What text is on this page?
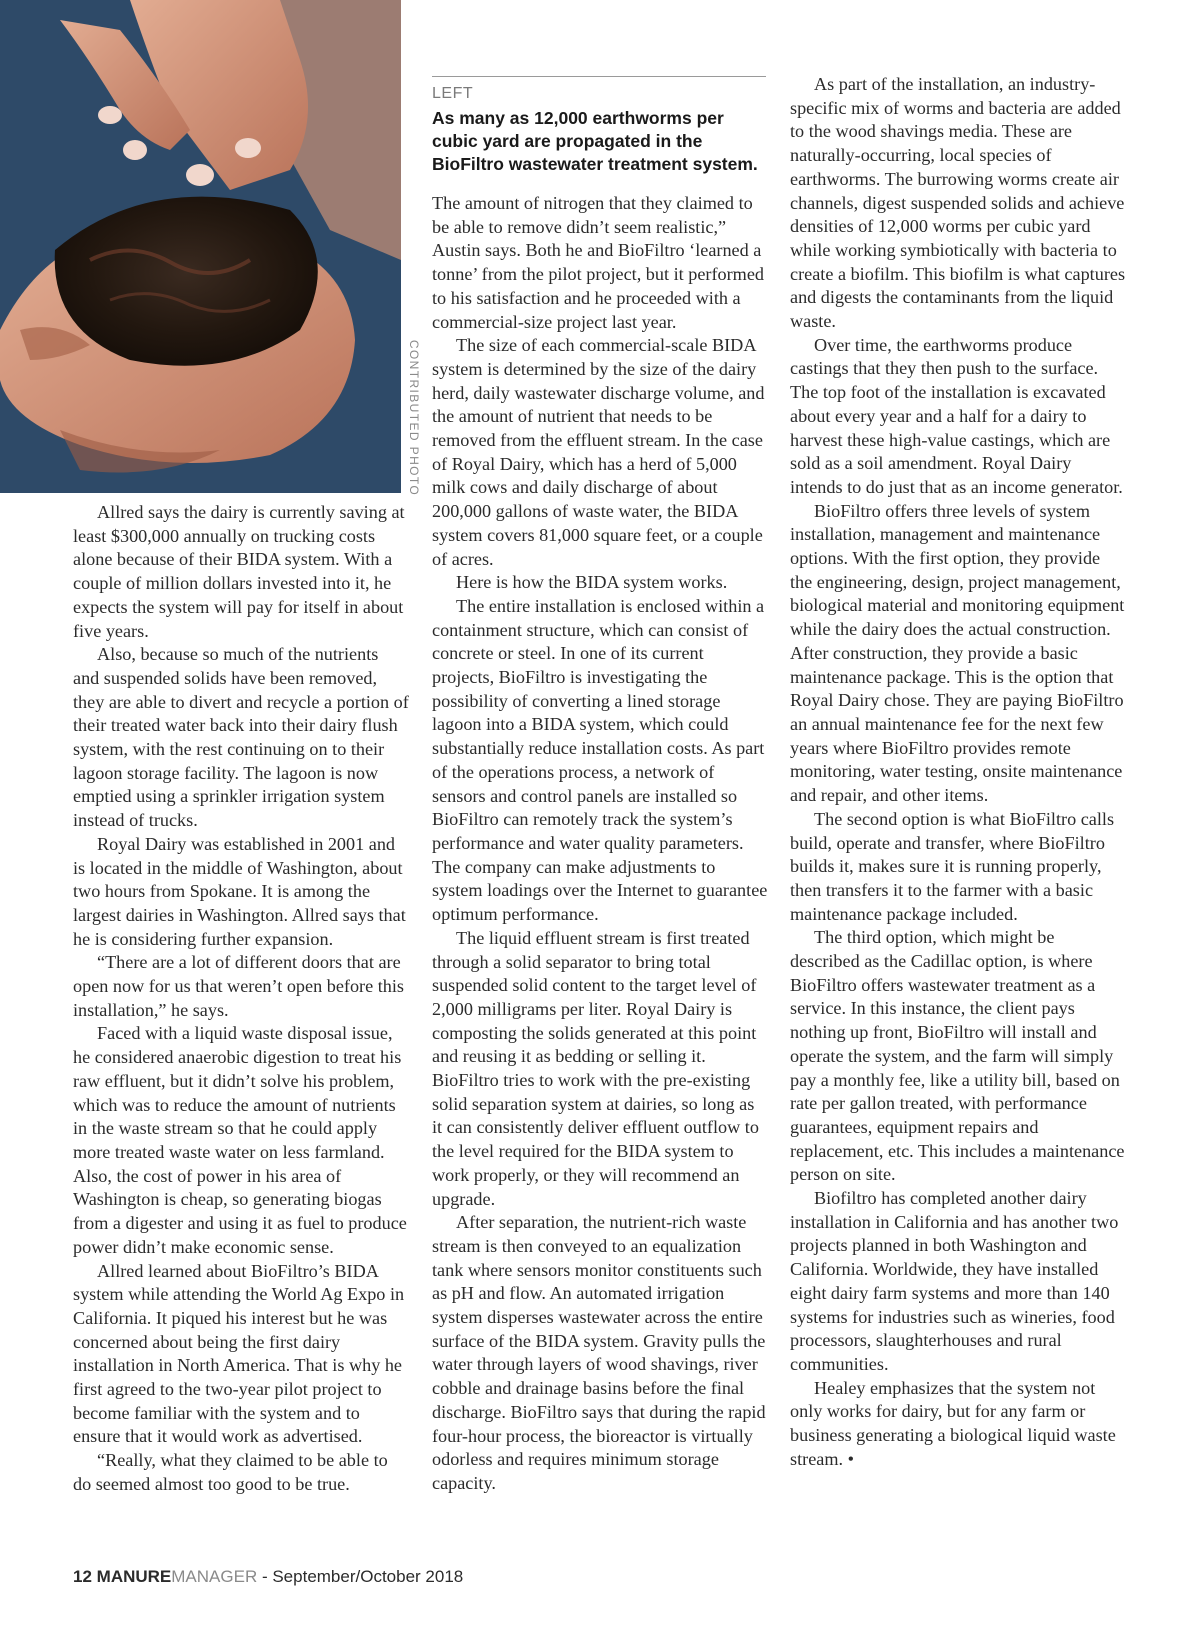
CONTRIBUTED PHOTO
LEFT
As many as 12,000 earthworms per cubic yard are propagated in the BioFiltro wastewater treatment system.

Allred says the dairy is currently saving at least $300,000 annually on trucking costs alone because of their BIDA system. With a couple of million dollars invested into it, he expects the system will pay for itself in about five years.

Also, because so much of the nutrients and suspended solids have been removed, they are able to divert and recycle a portion of their treated water back into their dairy flush system, with the rest continuing on to their lagoon storage facility. The lagoon is now emptied using a sprinkler irrigation system instead of trucks.

Royal Dairy was established in 2001 and is located in the middle of Washington, about two hours from Spokane. It is among the largest dairies in Washington. Allred says that he is considering further expansion.

“There are a lot of different doors that are open now for us that weren’t open before this installation,” he says.

Faced with a liquid waste disposal issue, he considered anaerobic digestion to treat his raw effluent, but it didn’t solve his problem, which was to reduce the amount of nutrients in the waste stream so that he could apply more treated waste water on less farmland. Also, the cost of power in his area of Washington is cheap, so generating biogas from a digester and using it as fuel to produce power didn’t make economic sense.

Allred learned about BioFiltro’s BIDA system while attending the World Ag Expo in California. It piqued his interest but he was concerned about being the first dairy installation in North America. That is why he first agreed to the two-year pilot project to become familiar with the system and to ensure that it would work as advertised.

“Really, what they claimed to be able to do seemed almost too good to be true.

The amount of nitrogen that they claimed to be able to remove didn’t seem realistic,” Austin says. Both he and BioFiltro ‘learned a tonne’ from the pilot project, but it performed to his satisfaction and he proceeded with a commercial-size project last year.

The size of each commercial-scale BIDA system is determined by the size of the dairy herd, daily wastewater discharge volume, and the amount of nutrient that needs to be removed from the effluent stream. In the case of Royal Dairy, which has a herd of 5,000 milk cows and daily discharge of about 200,000 gallons of waste water, the BIDA system covers 81,000 square feet, or a couple of acres.

Here is how the BIDA system works.

The entire installation is enclosed within a containment structure, which can consist of concrete or steel. In one of its current projects, BioFiltro is investigating the possibility of converting a lined storage lagoon into a BIDA system, which could substantially reduce installation costs. As part of the operations process, a network of sensors and control panels are installed so BioFiltro can remotely track the system’s performance and water quality parameters. The company can make adjustments to system loadings over the Internet to guarantee optimum performance.

The liquid effluent stream is first treated through a solid separator to bring total suspended solid content to the target level of 2,000 milligrams per liter. Royal Dairy is composting the solids generated at this point and reusing it as bedding or selling it. BioFiltro tries to work with the pre-existing solid separation system at dairies, so long as it can consistently deliver effluent outflow to the level required for the BIDA system to work properly, or they will recommend an upgrade.

After separation, the nutrient-rich waste stream is then conveyed to an equalization tank where sensors monitor constituents such as pH and flow. An automated irrigation system disperses wastewater across the entire surface of the BIDA system. Gravity pulls the water through layers of wood shavings, river cobble and drainage basins before the final discharge. BioFiltro says that during the rapid four-hour process, the bioreactor is virtually odorless and requires minimum storage capacity.

As part of the installation, an industry-specific mix of worms and bacteria are added to the wood shavings media. These are naturally-occurring, local species of earthworms. The burrowing worms create air channels, digest suspended solids and achieve densities of 12,000 worms per cubic yard while working symbiotically with bacteria to create a biofilm. This biofilm is what captures and digests the contaminants from the liquid waste.

Over time, the earthworms produce castings that they then push to the surface. The top foot of the installation is excavated about every year and a half for a dairy to harvest these high-value castings, which are sold as a soil amendment. Royal Dairy intends to do just that as an income generator.

BioFiltro offers three levels of system installation, management and maintenance options. With the first option, they provide the engineering, design, project management, biological material and monitoring equipment while the dairy does the actual construction. After construction, they provide a basic maintenance package. This is the option that Royal Dairy chose. They are paying BioFiltro an annual maintenance fee for the next few years where BioFiltro provides remote monitoring, water testing, onsite maintenance and repair, and other items.

The second option is what BioFiltro calls build, operate and transfer, where BioFiltro builds it, makes sure it is running properly, then transfers it to the farmer with a basic maintenance package included.

The third option, which might be described as the Cadillac option, is where BioFiltro offers wastewater treatment as a service. In this instance, the client pays nothing up front, BioFiltro will install and operate the system, and the farm will simply pay a monthly fee, like a utility bill, based on rate per gallon treated, with performance guarantees, equipment repairs and replacement, etc. This includes a maintenance person on site.

Biofiltro has completed another dairy installation in California and has another two projects planned in both Washington and California. Worldwide, they have installed eight dairy farm systems and more than 140 systems for industries such as wineries, food processors, slaughterhouses and rural communities.

Healey emphasizes that the system not only works for dairy, but for any farm or business generating a biological liquid waste stream. •

12 MANUREMANAGER - September/October 2018
